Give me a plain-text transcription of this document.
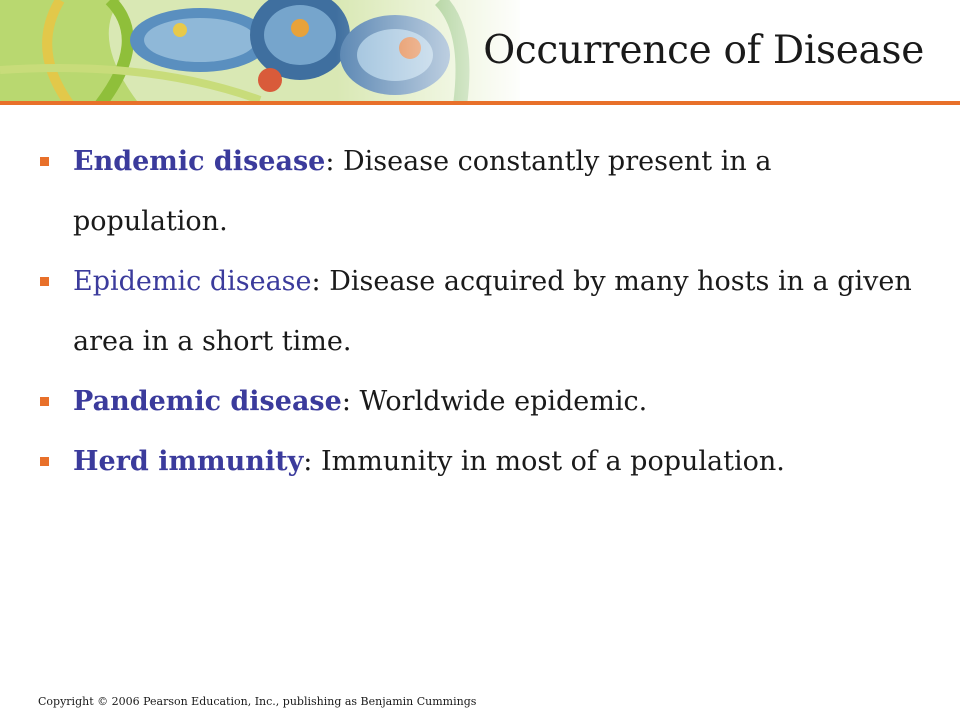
Occurrence of Disease
Endemic disease: Disease constantly present in a population.
Epidemic disease: Disease acquired by many hosts in a given area in a short time.
Pandemic disease: Worldwide epidemic.
Herd immunity: Immunity in most of a population.
Copyright © 2006 Pearson Education, Inc., publishing as Benjamin Cummings
